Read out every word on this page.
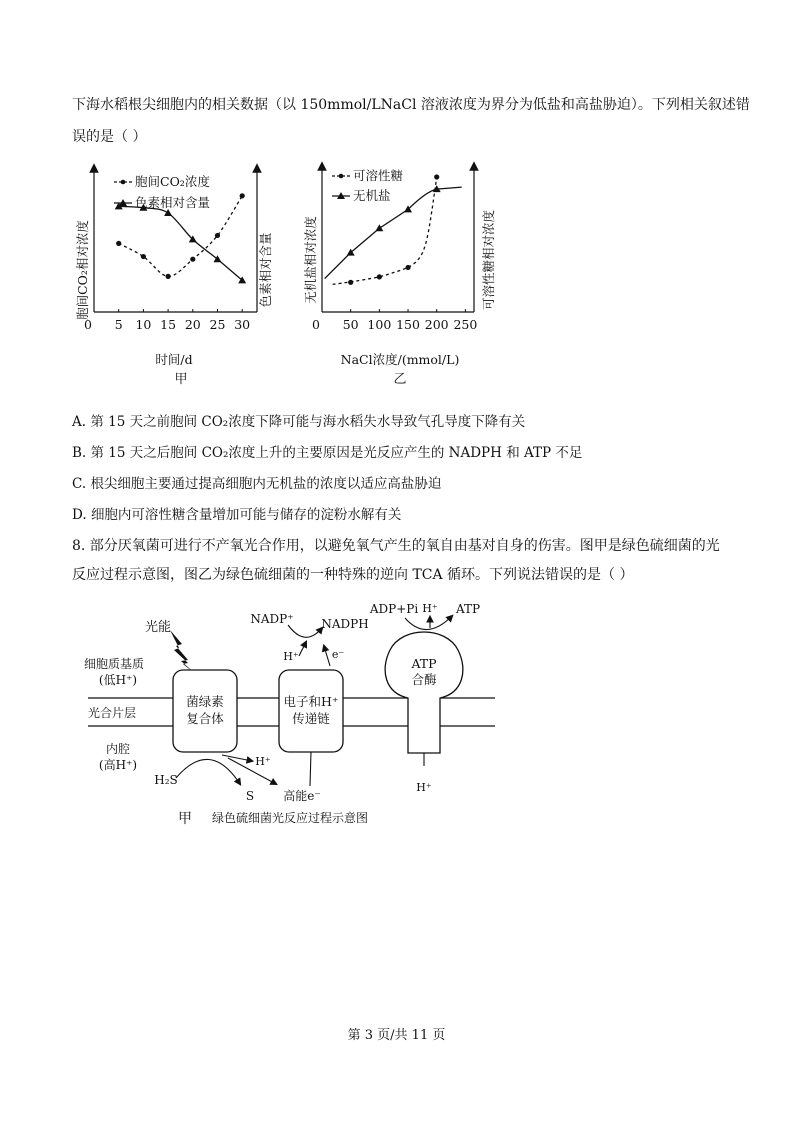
下海水稻根尖细胞内的相关数据（以 150mmol/LNaCl 溶液浓度为界分为低盐和高盐胁迫）。下列相关叙述错
误的是（ ）
0 5 10 15 20 25 30
胞间CO₂浓度
色素相对含量
胞间CO₂相对浓度	色素相对含量
时间/d
甲
0 50 100 150 200 250
可溶性糖
无机盐
无机盐相对浓度	可溶性糖相对浓度
NaCl浓度/(mmol/L)
乙
A. 第 15 天之前胞间 CO₂浓度下降可能与海水稻失水导致气孔导度下降有关
B. 第 15 天之后胞间 CO₂浓度上升的主要原因是光反应产生的 NADPH 和 ATP 不足
C. 根尖细胞主要通过提高细胞内无机盐的浓度以适应高盐胁迫
D. 细胞内可溶性糖含量增加可能与储存的淀粉水解有关
8. 部分厌氧菌可进行不产氧光合作用，以避免氧气产生的氧自由基对自身的伤害。图甲是绿色硫细菌的光
反应过程示意图，图乙为绿色硫细菌的一种特殊的逆向 TCA 循环。下列说法错误的是（ ）
细胞质基质
(低H⁺)
光合片层
内腔
(高H⁺)
光能
菌绿素
复合体
电子和H⁺
传递链
ATP
合酶
NADP⁺ NADPH
H⁺	e⁻
ADP+Pi	ATP
H⁺
H⁺
H₂S
S
H⁺
高能e⁻
甲 绿色硫细菌光反应过程示意图
第 3 页/共 11 页
